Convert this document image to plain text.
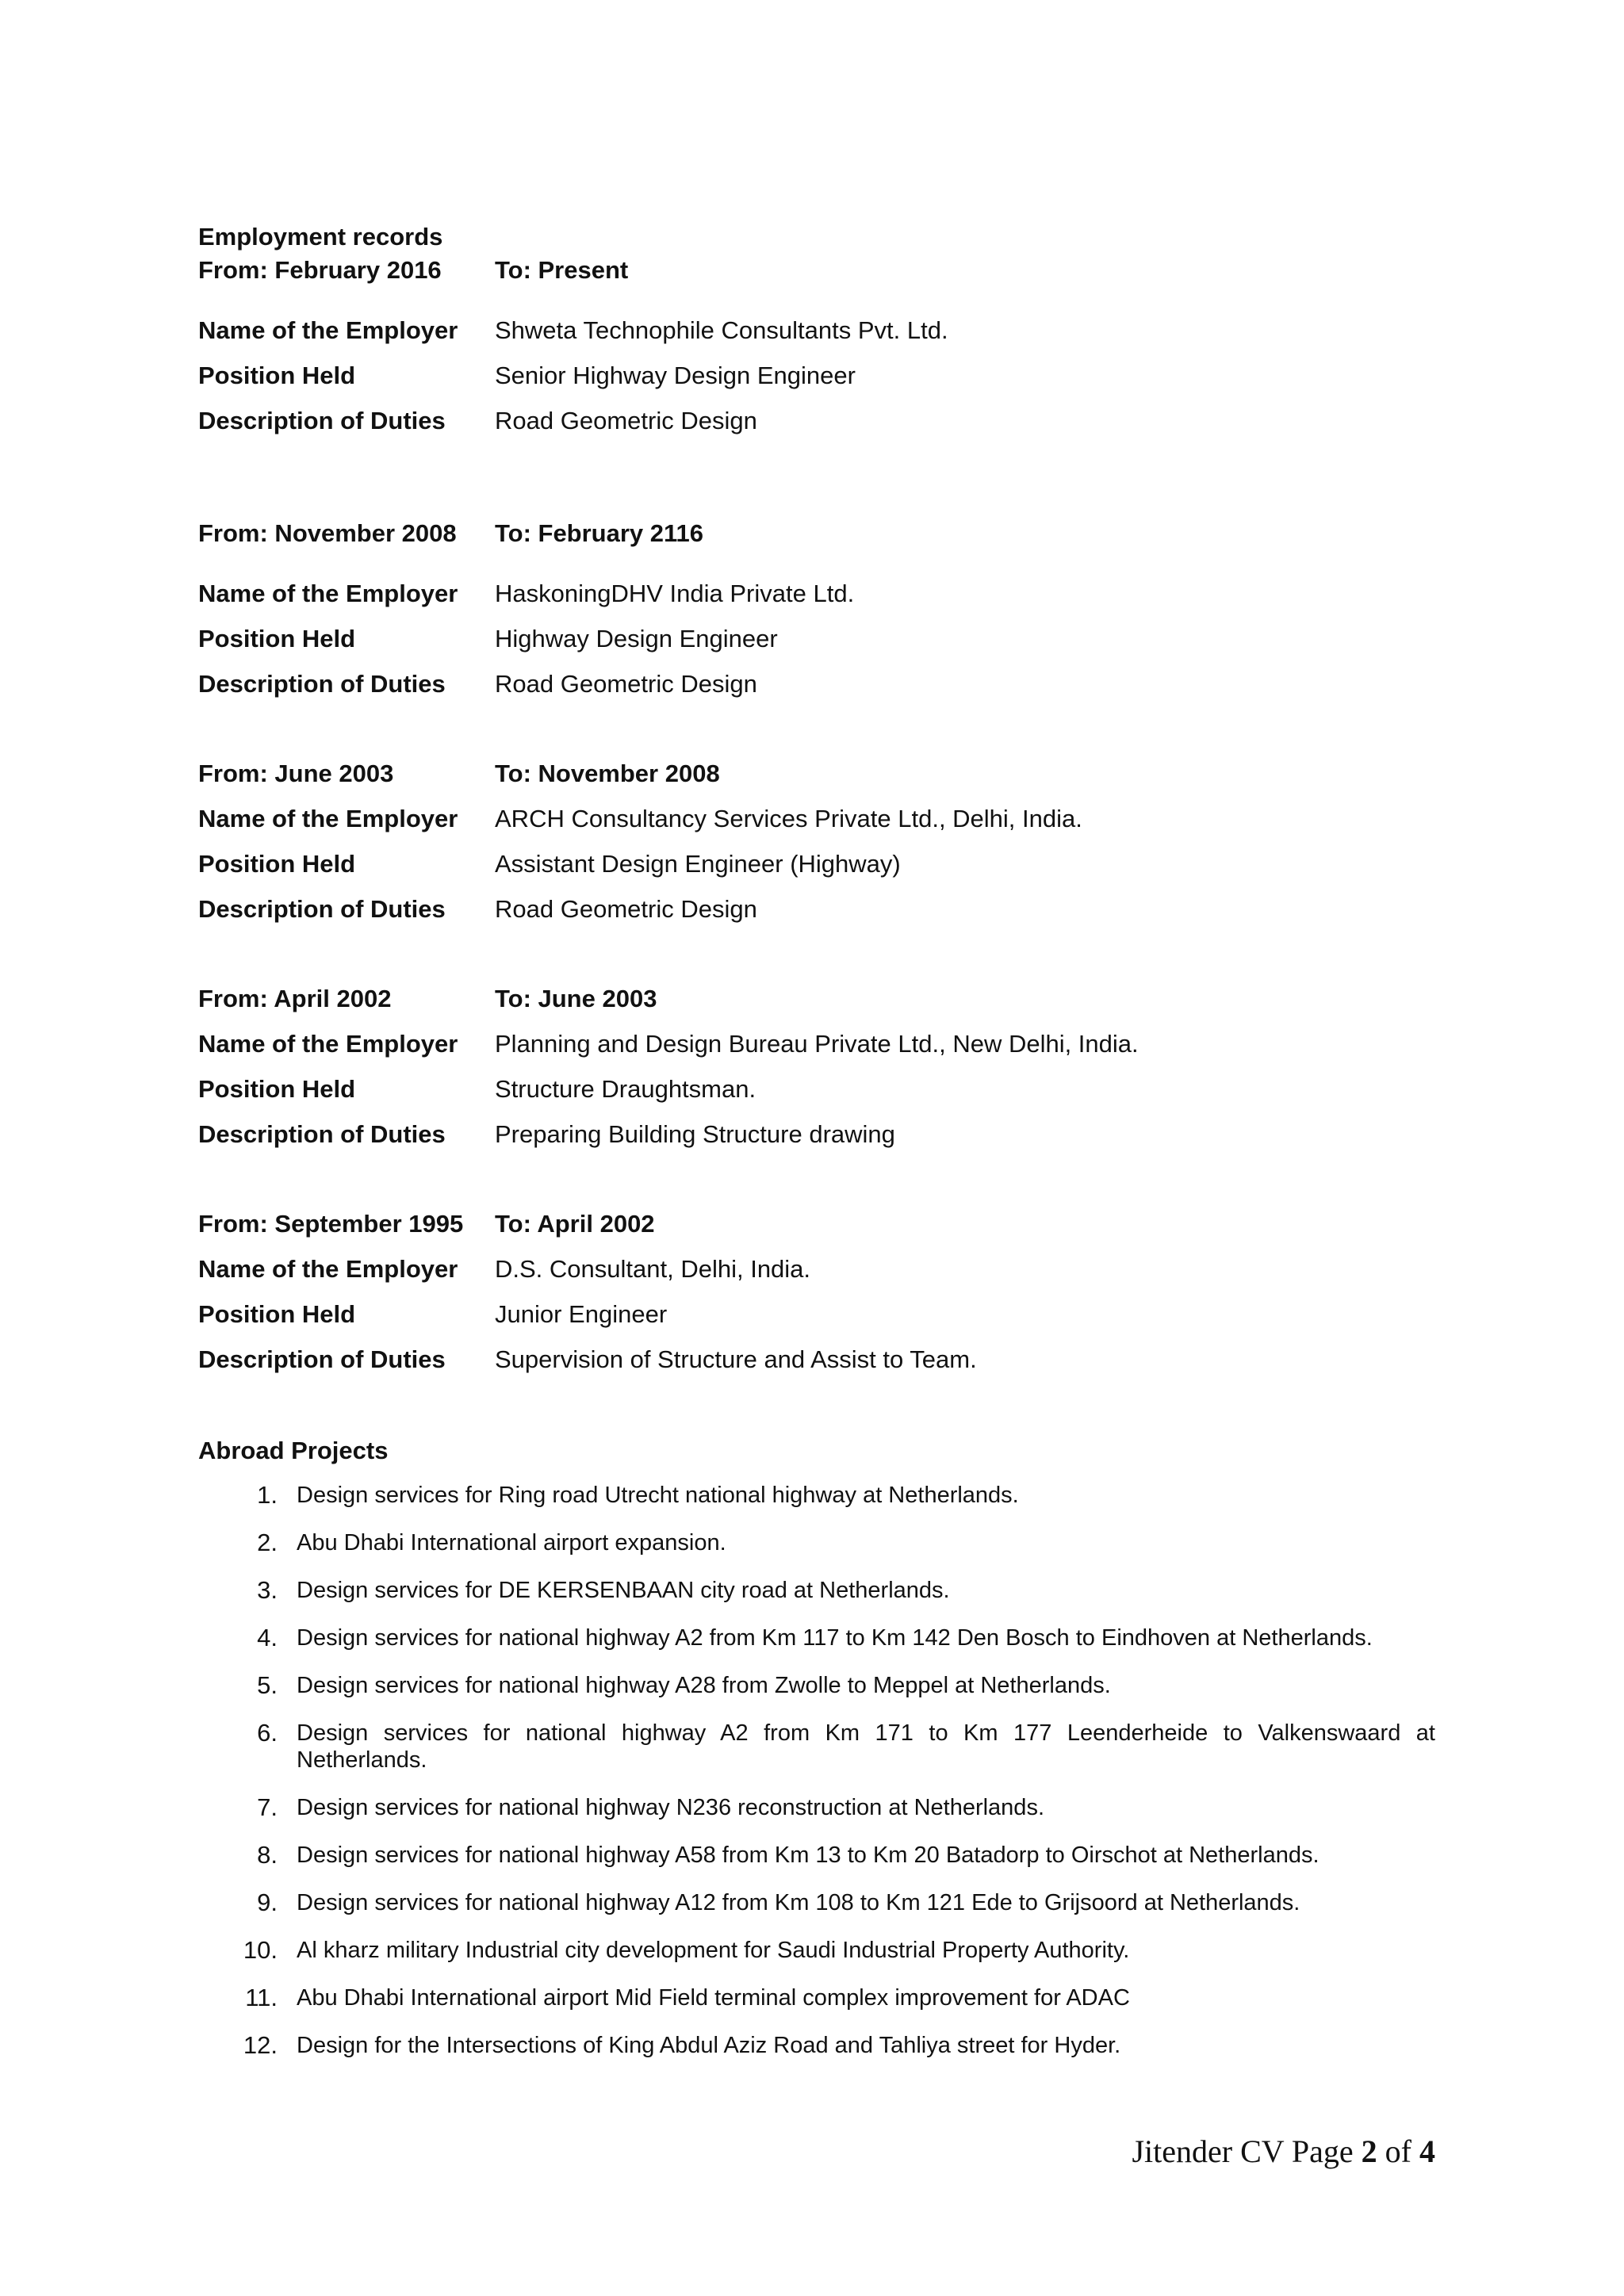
Employment records
From: February 2016	To: Present
Name of the Employer	Shweta Technophile Consultants Pvt. Ltd.
Position Held	Senior Highway Design Engineer
Description of Duties	Road Geometric Design
From: November 2008	To: February 2116
Name of the Employer	HaskoningDHV India Private Ltd.
Position Held	Highway Design Engineer
Description of Duties	Road Geometric Design
From: June 2003	To: November 2008
Name of the Employer	ARCH Consultancy Services Private Ltd., Delhi, India.
Position Held	Assistant Design Engineer (Highway)
Description of Duties	Road Geometric Design
From: April 2002	To: June 2003
Name of the Employer	Planning and Design Bureau Private Ltd., New Delhi, India.
Position Held	Structure Draughtsman.
Description of Duties	Preparing Building Structure drawing
From: September 1995	To: April 2002
Name of the Employer	D.S. Consultant, Delhi, India.
Position Held	Junior Engineer
Description of Duties	Supervision of Structure and Assist to Team.
Abroad Projects
1. Design services for Ring road Utrecht national highway at Netherlands.
2. Abu Dhabi International airport expansion.
3. Design services for DE KERSENBAAN city road at Netherlands.
4. Design services for national highway A2 from Km 117 to Km 142 Den Bosch to Eindhoven at Netherlands.
5. Design services for national highway A28 from Zwolle to Meppel at Netherlands.
6. Design services for national highway A2 from Km 171 to Km 177 Leenderheide to Valkenswaard at Netherlands.
7. Design services for national highway N236 reconstruction at Netherlands.
8. Design services for national highway A58 from Km 13 to Km 20 Batadorp to Oirschot at Netherlands.
9. Design services for national highway A12 from Km 108 to Km 121 Ede to Grijsoord at Netherlands.
10. Al kharz military Industrial city development for Saudi Industrial Property Authority.
11. Abu Dhabi International airport Mid Field terminal complex improvement for ADAC
12. Design for the Intersections of King Abdul Aziz Road and Tahliya street for Hyder.
Jitender CV Page 2 of 4
